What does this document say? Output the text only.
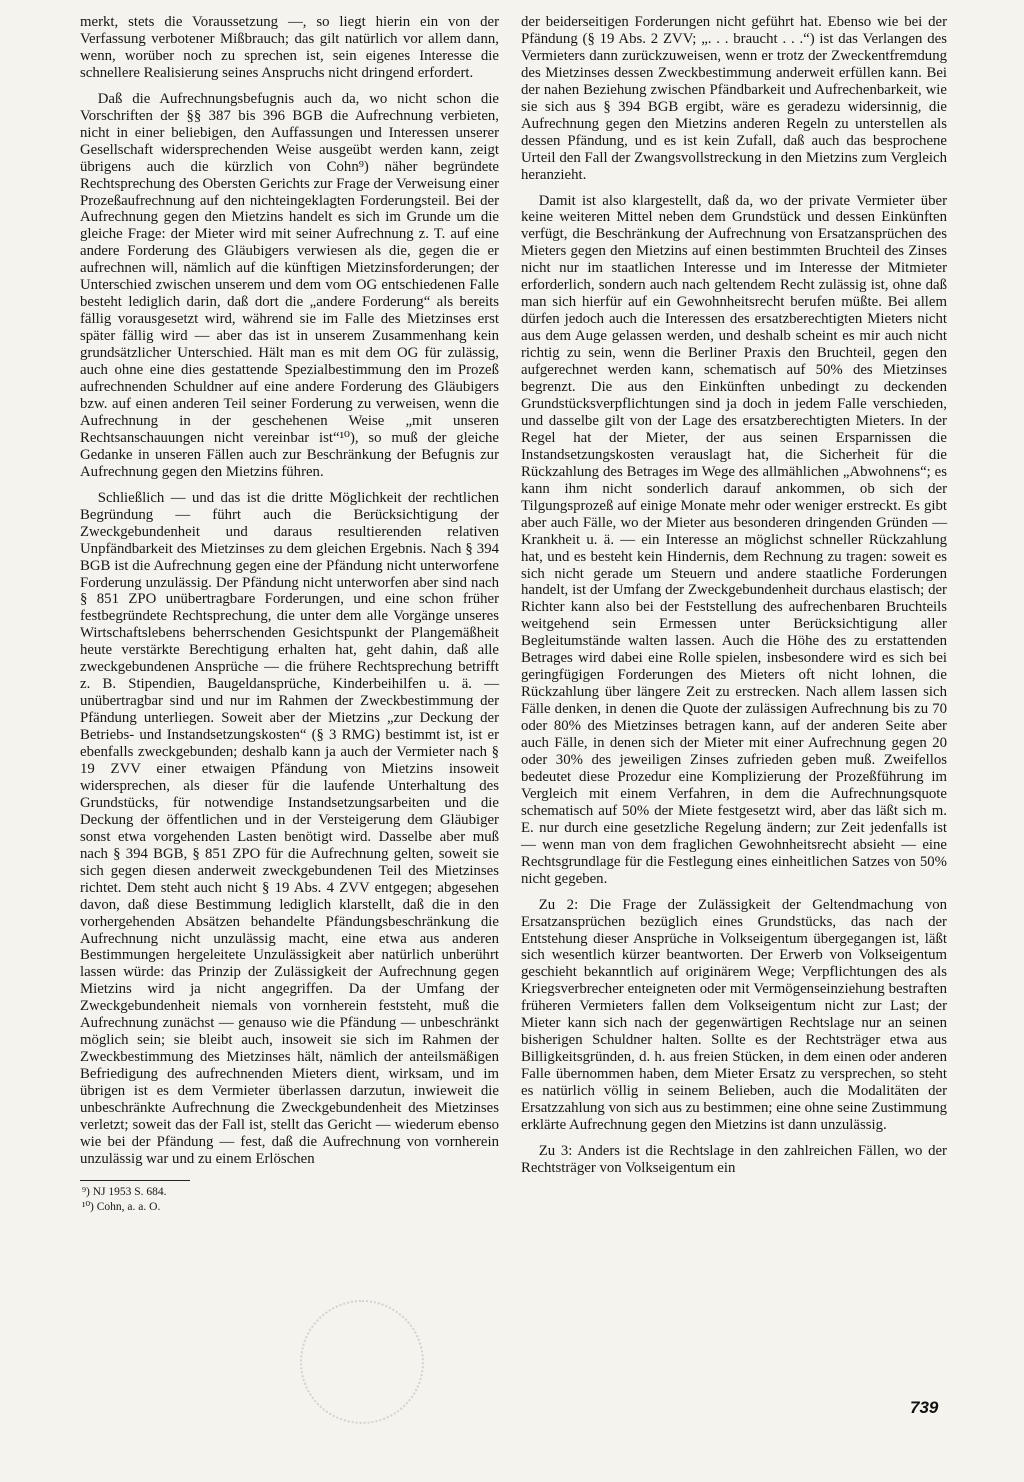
merkt, stets die Voraussetzung —, so liegt hierin ein von der Verfassung verbotener Mißbrauch; das gilt natürlich vor allem dann, wenn, worüber noch zu sprechen ist, sein eigenes Interesse die schnellere Realisierung seines Anspruchs nicht dringend erfordert.

Daß die Aufrechnungsbefugnis auch da, wo nicht schon die Vorschriften der §§ 387 bis 396 BGB die Aufrechnung verbieten, nicht in einer beliebigen, den Auffassungen und Interessen unserer Gesellschaft widersprechenden Weise ausgeübt werden kann, zeigt übrigens auch die kürzlich von Cohn⁹) näher begründete Rechtsprechung des Obersten Gerichts zur Frage der Verweisung einer Prozeßaufrechnung auf den nichteingeklagten Forderungsteil. Bei der Aufrechnung gegen den Mietzins handelt es sich im Grunde um die gleiche Frage: der Mieter wird mit seiner Aufrechnung z. T. auf eine andere Forderung des Gläubigers verwiesen als die, gegen die er aufrechnen will, nämlich auf die künftigen Mietzinsforderungen; der Unterschied zwischen unserem und dem vom OG entschiedenen Falle besteht lediglich darin, daß dort die „andere Forderung“ als bereits fällig vorausgesetzt wird, während sie im Falle des Mietzinses erst später fällig wird — aber das ist in unserem Zusammenhang kein grundsätzlicher Unterschied. Hält man es mit dem OG für zulässig, auch ohne eine dies gestattende Spezialbestimmung den im Prozeß aufrechnenden Schuldner auf eine andere Forderung des Gläubigers bzw. auf einen anderen Teil seiner Forderung zu verweisen, wenn die Aufrechnung in der geschehenen Weise „mit unseren Rechtsanschauungen nicht vereinbar ist“¹⁰), so muß der gleiche Gedanke in unseren Fällen auch zur Beschränkung der Befugnis zur Aufrechnung gegen den Mietzins führen.

Schließlich — und das ist die dritte Möglichkeit der rechtlichen Begründung — führt auch die Berücksichtigung der Zweckgebundenheit und daraus resultierenden relativen Unpfändbarkeit des Mietzinses zu dem gleichen Ergebnis. Nach § 394 BGB ist die Aufrechnung gegen eine der Pfändung nicht unterworfene Forderung unzulässig. Der Pfändung nicht unterworfen aber sind nach § 851 ZPO unübertragbare Forderungen, und eine schon früher festbegründete Rechtsprechung, die unter dem alle Vorgänge unseres Wirtschaftslebens beherrschenden Gesichtspunkt der Plangemäßheit heute verstärkte Berechtigung erhalten hat, geht dahin, daß alle zweckgebundenen Ansprüche — die frühere Rechtsprechung betrifft z. B. Stipendien, Baugeldansprüche, Kinderbeihilfen u. ä. — unübertragbar sind und nur im Rahmen der Zweckbestimmung der Pfändung unterliegen. Soweit aber der Mietzins „zur Deckung der Betriebs- und Instandsetzungskosten“ (§ 3 RMG) bestimmt ist, ist er ebenfalls zweckgebunden; deshalb kann ja auch der Vermieter nach § 19 ZVV einer etwaigen Pfändung von Mietzins insoweit widersprechen, als dieser für die laufende Unterhaltung des Grundstücks, für notwendige Instandsetzungsarbeiten und die Deckung der öffentlichen und in der Versteigerung dem Gläubiger sonst etwa vorgehenden Lasten benötigt wird. Dasselbe aber muß nach § 394 BGB, § 851 ZPO für die Aufrechnung gelten, soweit sie sich gegen diesen anderweit zweckgebundenen Teil des Mietzinses richtet. Dem steht auch nicht § 19 Abs. 4 ZVV entgegen; abgesehen davon, daß diese Bestimmung lediglich klarstellt, daß die in den vorhergehenden Absätzen behandelte Pfändungsbeschränkung die Aufrechnung nicht unzulässig macht, eine etwa aus anderen Bestimmungen hergeleitete Unzulässigkeit aber natürlich unberührt lassen würde: das Prinzip der Zulässigkeit der Aufrechnung gegen Mietzins wird ja nicht angegriffen. Da der Umfang der Zweckgebundenheit niemals von vornherein feststeht, muß die Aufrechnung zunächst — genauso wie die Pfändung — unbeschränkt möglich sein; sie bleibt auch, insoweit sie sich im Rahmen der Zweckbestimmung des Mietzinses hält, nämlich der anteilsmäßigen Befriedigung des aufrechnenden Mieters dient, wirksam, und im übrigen ist es dem Vermieter überlassen darzutun, inwieweit die unbeschränkte Aufrechnung die Zweckgebundenheit des Mietzinses verletzt; soweit das der Fall ist, stellt das Gericht — wiederum ebenso wie bei der Pfändung — fest, daß die Aufrechnung von vornherein unzulässig war und zu einem Erlöschen

⁹) NJ 1953 S. 684.
¹⁰) Cohn, a. a. O.

der beiderseitigen Forderungen nicht geführt hat. Ebenso wie bei der Pfändung (§ 19 Abs. 2 ZVV; „. . . braucht . . .“) ist das Verlangen des Vermieters dann zurückzuweisen, wenn er trotz der Zweckentfremdung des Mietzinses dessen Zweckbestimmung anderweit erfüllen kann. Bei der nahen Beziehung zwischen Pfändbarkeit und Aufrechenbarkeit, wie sie sich aus § 394 BGB ergibt, wäre es geradezu widersinnig, die Aufrechnung gegen den Mietzins anderen Regeln zu unterstellen als dessen Pfändung, und es ist kein Zufall, daß auch das besprochene Urteil den Fall der Zwangsvollstreckung in den Mietzins zum Vergleich heranzieht.

Damit ist also klargestellt, daß da, wo der private Vermieter über keine weiteren Mittel neben dem Grundstück und dessen Einkünften verfügt, die Beschränkung der Aufrechnung von Ersatzansprüchen des Mieters gegen den Mietzins auf einen bestimmten Bruchteil des Zinses nicht nur im staatlichen Interesse und im Interesse der Mitmieter erforderlich, sondern auch nach geltendem Recht zulässig ist, ohne daß man sich hierfür auf ein Gewohnheitsrecht berufen müßte. Bei allem dürfen jedoch auch die Interessen des ersatzberechtigten Mieters nicht aus dem Auge gelassen werden, und deshalb scheint es mir auch nicht richtig zu sein, wenn die Berliner Praxis den Bruchteil, gegen den aufgerechnet werden kann, schematisch auf 50% des Mietzinses begrenzt. Die aus den Einkünften unbedingt zu deckenden Grundstücksverpflichtungen sind ja doch in jedem Falle verschieden, und dasselbe gilt von der Lage des ersatzberechtigten Mieters. In der Regel hat der Mieter, der aus seinen Ersparnissen die Instandsetzungskosten verauslagt hat, die Sicherheit für die Rückzahlung des Betrages im Wege des allmählichen „Abwohnens“; es kann ihm nicht sonderlich darauf ankommen, ob sich der Tilgungsprozeß auf einige Monate mehr oder weniger erstreckt. Es gibt aber auch Fälle, wo der Mieter aus besonderen dringenden Gründen — Krankheit u. ä. — ein Interesse an möglichst schneller Rückzahlung hat, und es besteht kein Hindernis, dem Rechnung zu tragen: soweit es sich nicht gerade um Steuern und andere staatliche Forderungen handelt, ist der Umfang der Zweckgebundenheit durchaus elastisch; der Richter kann also bei der Feststellung des aufrechenbaren Bruchteils weitgehend sein Ermessen unter Berücksichtigung aller Begleitumstände walten lassen. Auch die Höhe des zu erstattenden Betrages wird dabei eine Rolle spielen, insbesondere wird es sich bei geringfügigen Forderungen des Mieters oft nicht lohnen, die Rückzahlung über längere Zeit zu erstrecken. Nach allem lassen sich Fälle denken, in denen die Quote der zulässigen Aufrechnung bis zu 70 oder 80% des Mietzinses betragen kann, auf der anderen Seite aber auch Fälle, in denen sich der Mieter mit einer Aufrechnung gegen 20 oder 30% des jeweiligen Zinses zufrieden geben muß. Zweifellos bedeutet diese Prozedur eine Komplizierung der Prozeßführung im Vergleich mit einem Verfahren, in dem die Aufrechnungsquote schematisch auf 50% der Miete festgesetzt wird, aber das läßt sich m. E. nur durch eine gesetzliche Regelung ändern; zur Zeit jedenfalls ist — wenn man von dem fraglichen Gewohnheitsrecht absieht — eine Rechtsgrundlage für die Festlegung eines einheitlichen Satzes von 50% nicht gegeben.

Zu 2: Die Frage der Zulässigkeit der Geltendmachung von Ersatzansprüchen bezüglich eines Grundstücks, das nach der Entstehung dieser Ansprüche in Volkseigentum übergegangen ist, läßt sich wesentlich kürzer beantworten. Der Erwerb von Volkseigentum geschieht bekanntlich auf originärem Wege; Verpflichtungen des als Kriegsverbrecher enteigneten oder mit Vermögenseinziehung bestraften früheren Vermieters fallen dem Volkseigentum nicht zur Last; der Mieter kann sich nach der gegenwärtigen Rechtslage nur an seinen bisherigen Schuldner halten. Sollte es der Rechtsträger etwa aus Billigkeitsgründen, d. h. aus freien Stücken, in dem einen oder anderen Falle übernommen haben, dem Mieter Ersatz zu versprechen, so steht es natürlich völlig in seinem Belieben, auch die Modalitäten der Ersatzzahlung von sich aus zu bestimmen; eine ohne seine Zustimmung erklärte Aufrechnung gegen den Mietzins ist dann unzulässig.

Zu 3: Anders ist die Rechtslage in den zahlreichen Fällen, wo der Rechtsträger von Volkseigentum ein

739
